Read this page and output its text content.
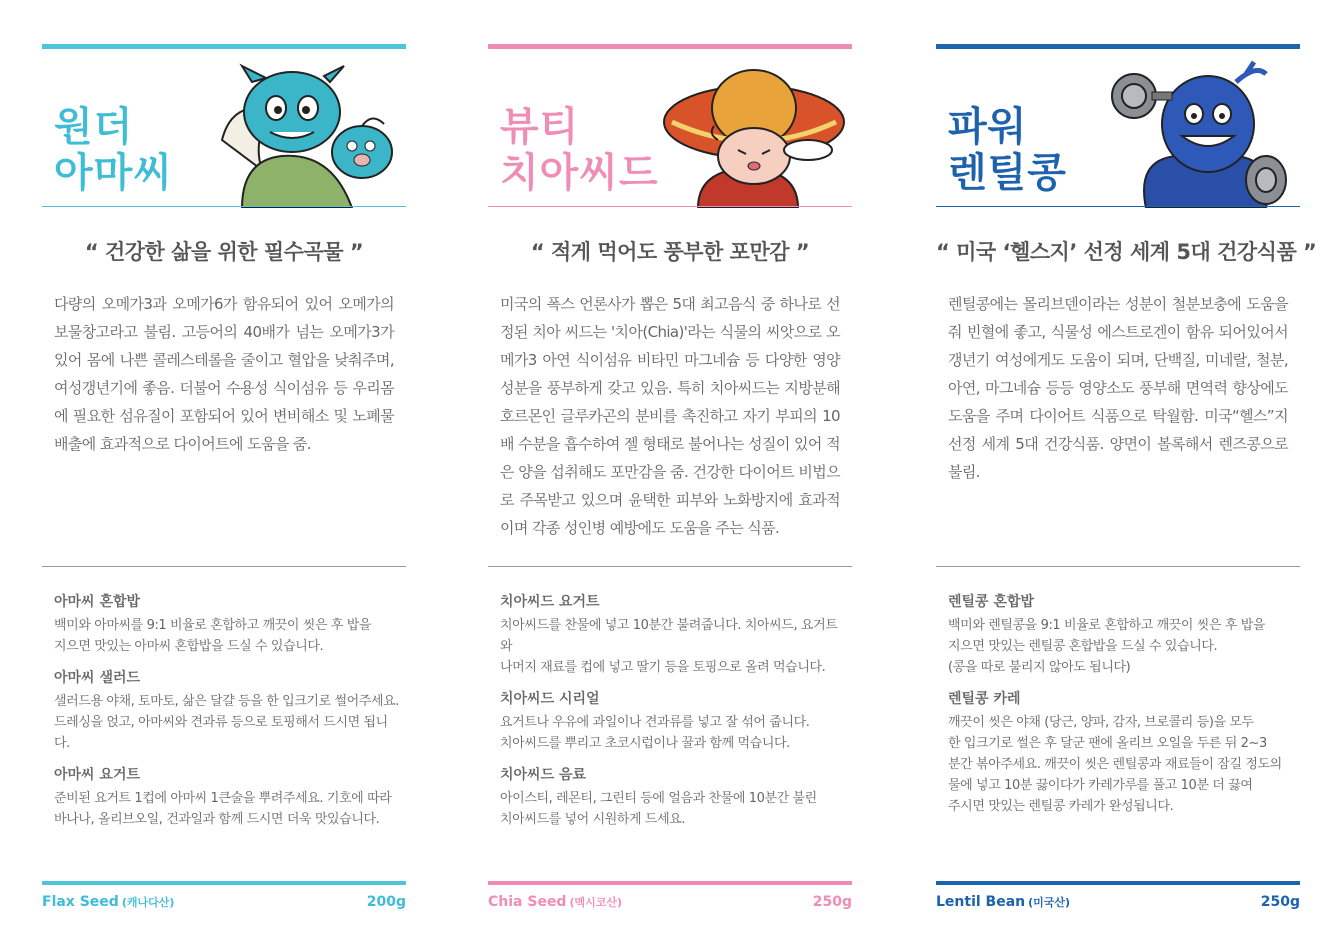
원더
아마씨
“ 건강한 삶을 위한 필수곡물 ”
다량의 오메가3과 오메가6가 함유되어 있어 오메가의 보물창고라고 불림. 고등어의 40배가 넘는 오메가3가 있어 몸에 나쁜 콜레스테롤을 줄이고 혈압을 낮춰주며, 여성갱년기에 좋음. 더불어 수용성 식이섬유 등 우리몸에 필요한 섬유질이 포함되어 있어 변비해소 및 노폐물 배출에 효과적으로 다이어트에 도움을 줌.
아마씨 혼합밥
백미와 아마씨를 9:1 비율로 혼합하고 깨끗이 씻은 후 밥을
지으면 맛있는 아마씨 혼합밥을 드실 수 있습니다.
아마씨 샐러드
샐러드용 야채, 토마토, 삶은 달걀 등을 한 입크기로 썰어주세요.
드레싱을 얹고, 아마씨와 견과류 등으로 토핑해서 드시면 됩니다.
아마씨 요거트
준비된 요거트 1컵에 아마씨 1큰술을 뿌려주세요. 기호에 따라
바나나, 올리브오일, 건과일과 함께 드시면 더욱 맛있습니다.
Flax Seed (캐나다산)	200g
뷰티
치아씨드
“ 적게 먹어도 풍부한 포만감 ”
미국의 폭스 언론사가 뽑은 5대 최고음식 중 하나로 선정된 치아 씨드는 '치아(Chia)'라는 식물의 씨앗으로 오메가3 아연 식이섬유 비타민 마그네슘 등 다양한 영양성분을 풍부하게 갖고 있음. 특히 치아씨드는 지방분해 호르몬인 글루카곤의 분비를 촉진하고 자기 부피의 10배 수분을 흡수하여 젤 형태로 불어나는 성질이 있어 적은 양을 섭취해도 포만감을 줌. 건강한 다이어트 비법으로 주목받고 있으며 윤택한 피부와 노화방지에 효과적이며 각종 성인병 예방에도 도움을 주는 식품.
치아씨드 요거트
치아씨드를 찬물에 넣고 10분간 불려줍니다. 치아씨드, 요거트와
나머지 재료를 컵에 넣고 딸기 등을 토핑으로 올려 먹습니다.
치아씨드 시리얼
요거트나 우유에 과일이나 견과류를 넣고 잘 섞어 줍니다.
치아씨드를 뿌리고 초코시럽이나 꿀과 함께 먹습니다.
치아씨드 음료
아이스티, 레몬티, 그린티 등에 얼음과 찬물에 10분간 불린
치아씨드를 넣어 시원하게 드세요.
Chia Seed (멕시코산)	250g
파워
렌틸콩
“ 미국 ‘헬스지’ 선정 세계 5대 건강식품 ”
렌틸콩에는 몰리브덴이라는 성분이 철분보충에 도움을 줘 빈혈에 좋고, 식물성 에스트로겐이 함유 되어있어서 갱년기 여성에게도 도움이 되며, 단백질, 미네랄, 철분, 아연, 마그네슘 등등 영양소도 풍부해 면역력 향상에도 도움을 주며 다이어트 식품으로 탁월함. 미국“헬스”지 선정 세계 5대 건강식품. 양면이 볼록해서 렌즈콩으로 불림.
렌틸콩 혼합밥
백미와 렌틸콩을 9:1 비율로 혼합하고 깨끗이 씻은 후 밥을
지으면 맛있는 렌틸콩 혼합밥을 드실 수 있습니다.
(콩을 따로 불리지 않아도 됩니다)
렌틸콩 카레
깨끗이 씻은 야채 (당근, 양파, 감자, 브로콜리 등)을 모두
한 입크기로 썰은 후 달군 팬에 올리브 오일을 두른 뒤 2~3
분간 볶아주세요. 깨끗이 씻은 렌틸콩과 재료들이 잠길 정도의
물에 넣고 10분 끓이다가 카레가루를 풀고 10분 더 끓여
주시면 맛있는 렌틸콩 카레가 완성됩니다.
Lentil Bean (미국산)	250g
